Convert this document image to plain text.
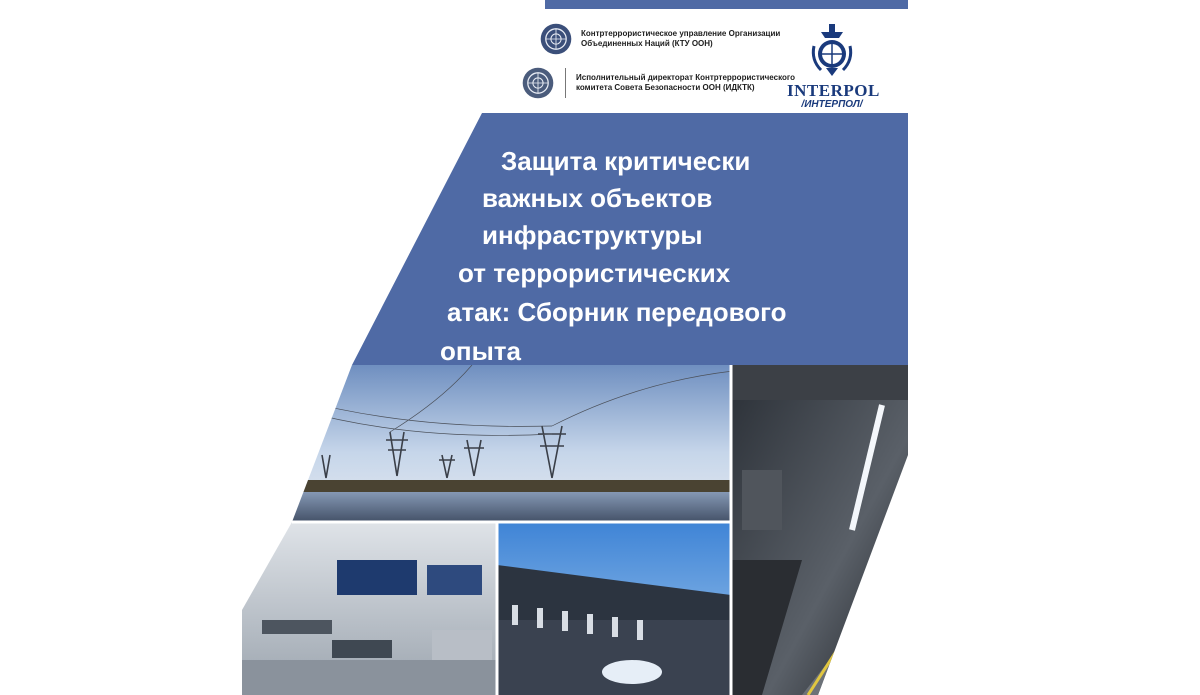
Контртеррористическое управление Организации
Объединенных Наций (КТУ ООН)
Исполнительный директорат Контртеррористического
комитета Совета Безопасности ООН (ИДКТК)	INTERPOL
/ИНТЕРПОЛ/
Защита критически
важных объектов
инфраструктуры
от террористических
атак: Сборник передового
опыта
